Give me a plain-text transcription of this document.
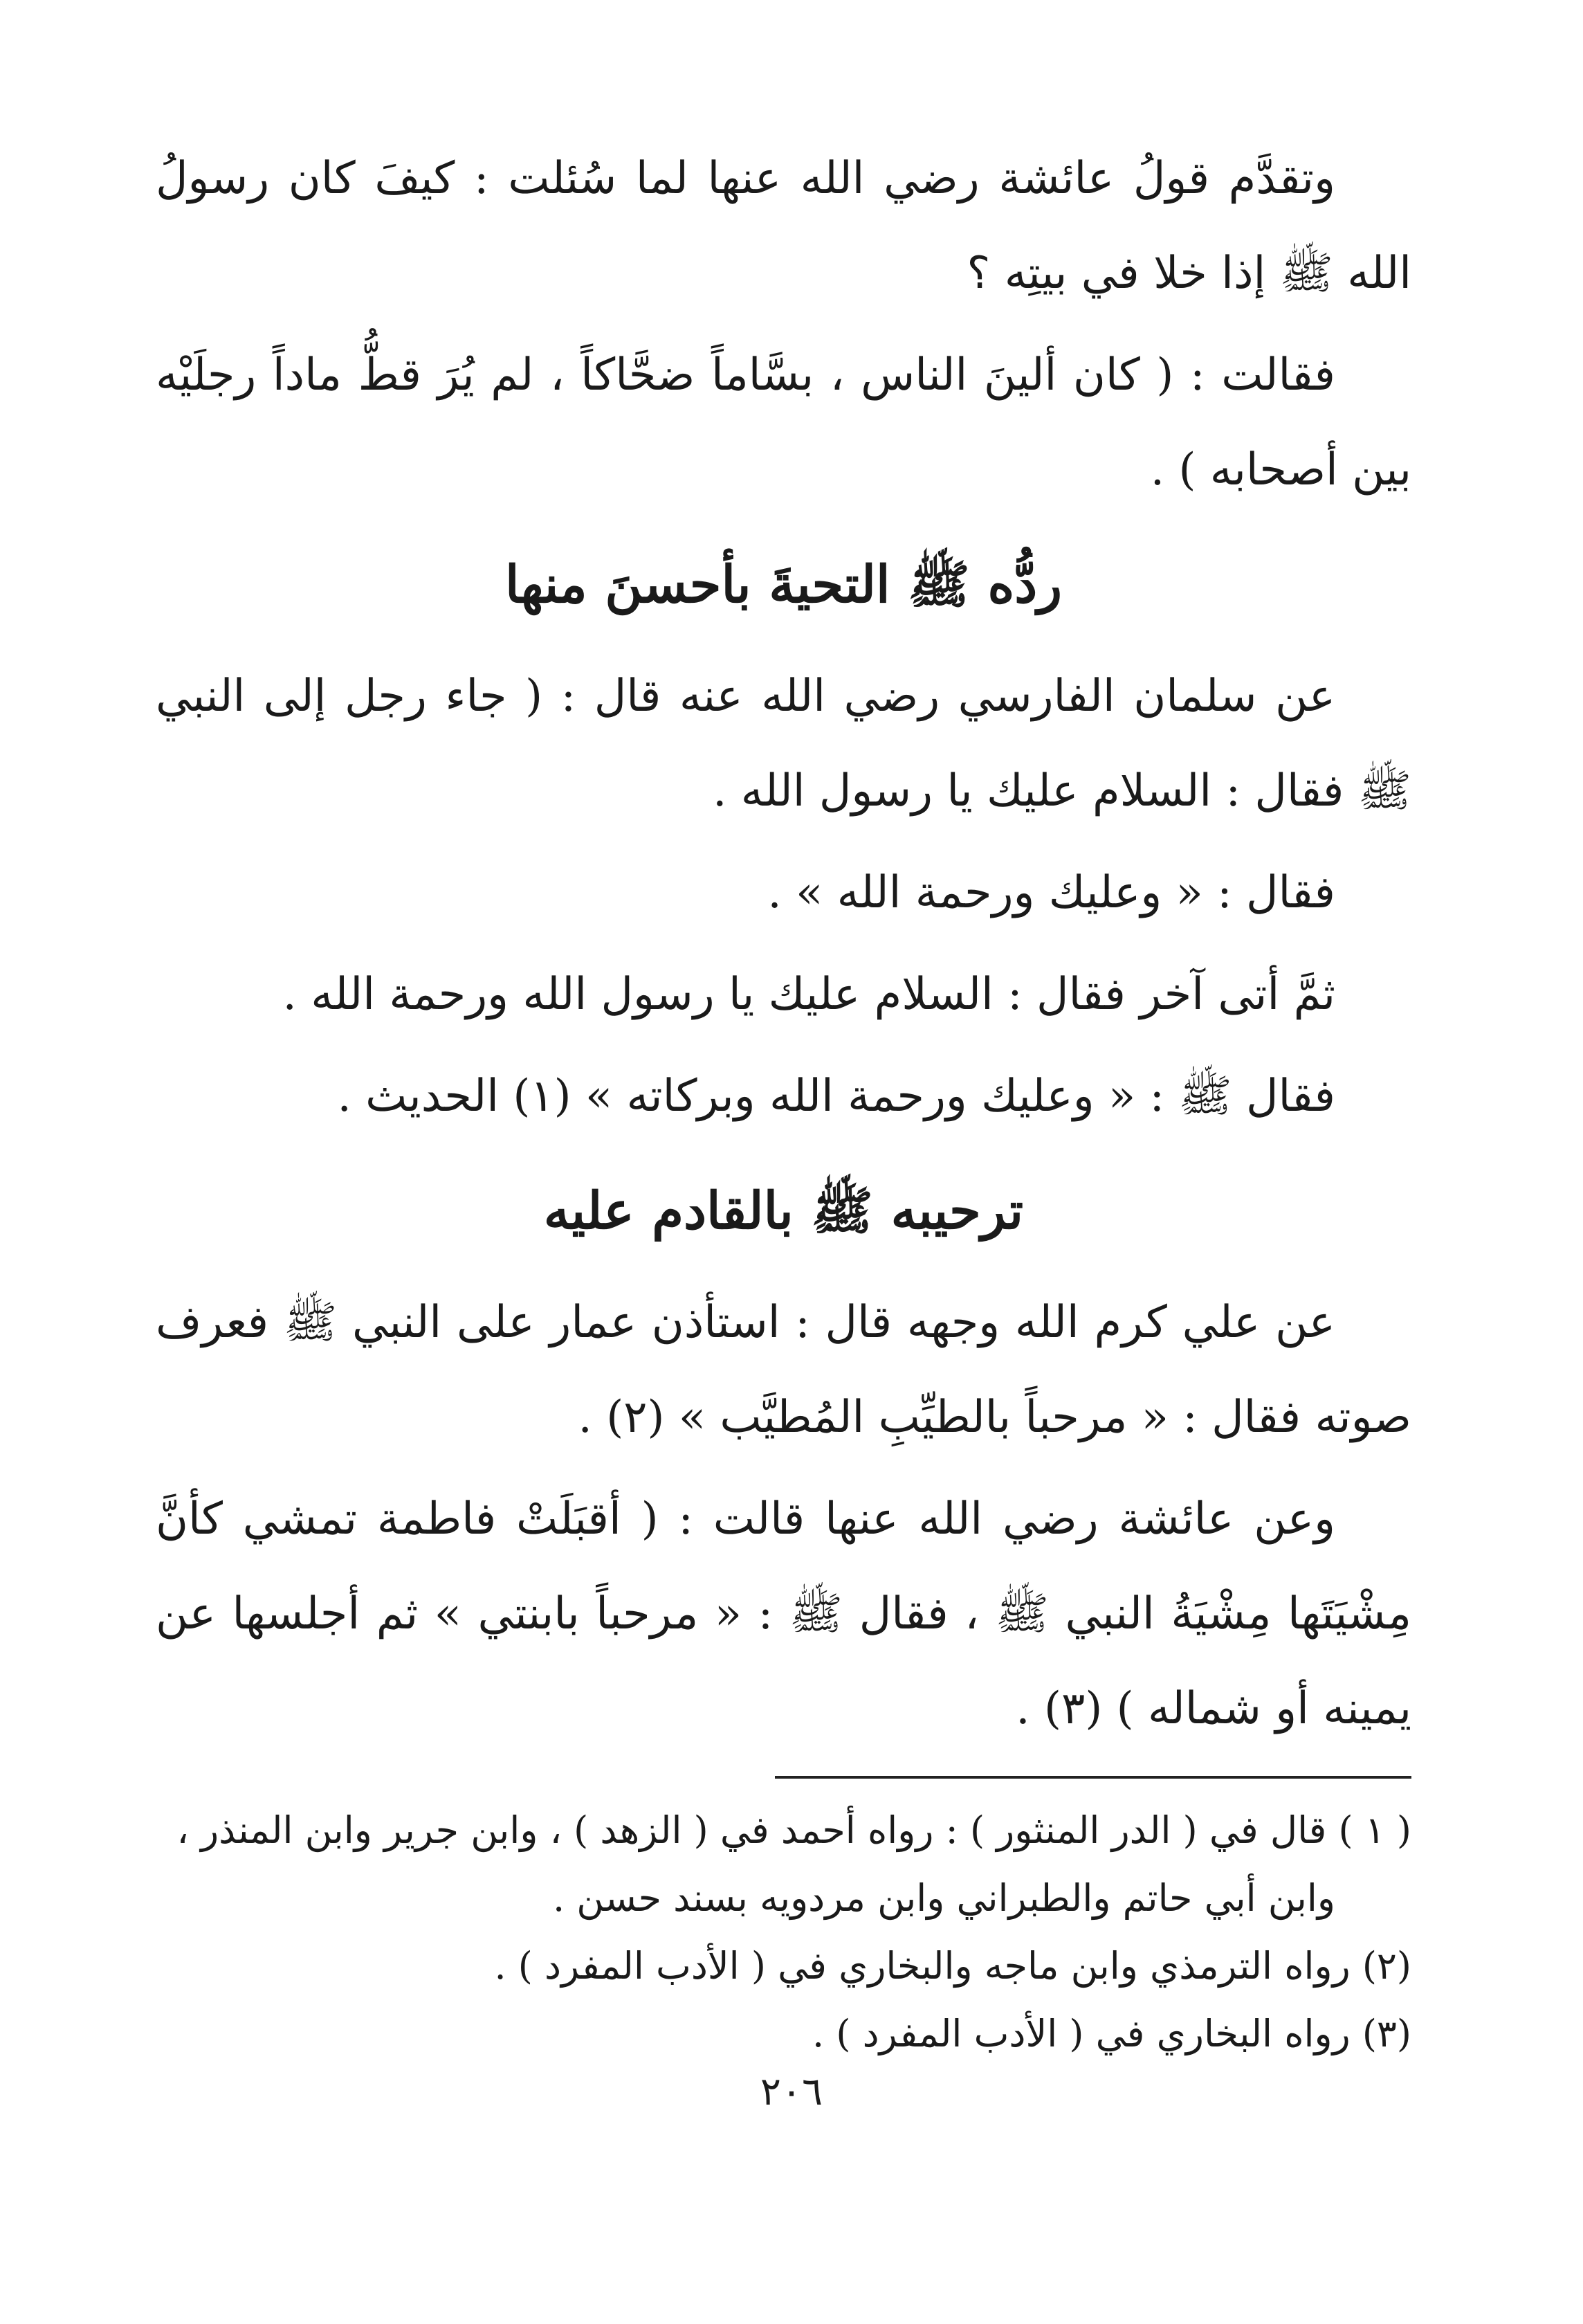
وتقدَّم قولُ عائشة رضي الله عنها لما سُئلت : كيفَ كان رسولُ الله ﷺ إذا خلا في بيتِه ؟

فقالت : ( كان ألينَ الناس ، بسَّاماً ضحَّاكاً ، لم يُرَ قطُّ ماداً رجلَيْه بين أصحابه ) .

ردُّه ﷺ التحيةَ بأحسنَ منها

عن سلمان الفارسي رضي الله عنه قال : ( جاء رجل إلى النبي ﷺ فقال : السلام عليك يا رسول الله .

فقال : « وعليك ورحمة الله » .

ثمَّ أتى آخر فقال : السلام عليك يا رسول الله ورحمة الله .

فقال ﷺ : « وعليك ورحمة الله وبركاته » (١) الحديث .

ترحيبه ﷺ بالقادم عليه

عن علي كرم الله وجهه قال : استأذن عمار على النبي ﷺ فعرف صوته فقال : « مرحباً بالطيِّبِ المُطيَّب » (٢) .

وعن عائشة رضي الله عنها قالت : ( أقبَلَتْ فاطمة تمشي كأنَّ مِشْيَتَها مِشْيَةُ النبي ﷺ ، فقال ﷺ : « مرحباً بابنتي » ثم أجلسها عن يمينه أو شماله ) (٣) .

( ١ ) قال في ( الدر المنثور ) : رواه أحمد في ( الزهد ) ، وابن جرير وابن المنذر ،

وابن أبي حاتم والطبراني وابن مردويه بسند حسن .

(٢) رواه الترمذي وابن ماجه والبخاري في ( الأدب المفرد ) .

(٣) رواه البخاري في ( الأدب المفرد ) .

٢٠٦
